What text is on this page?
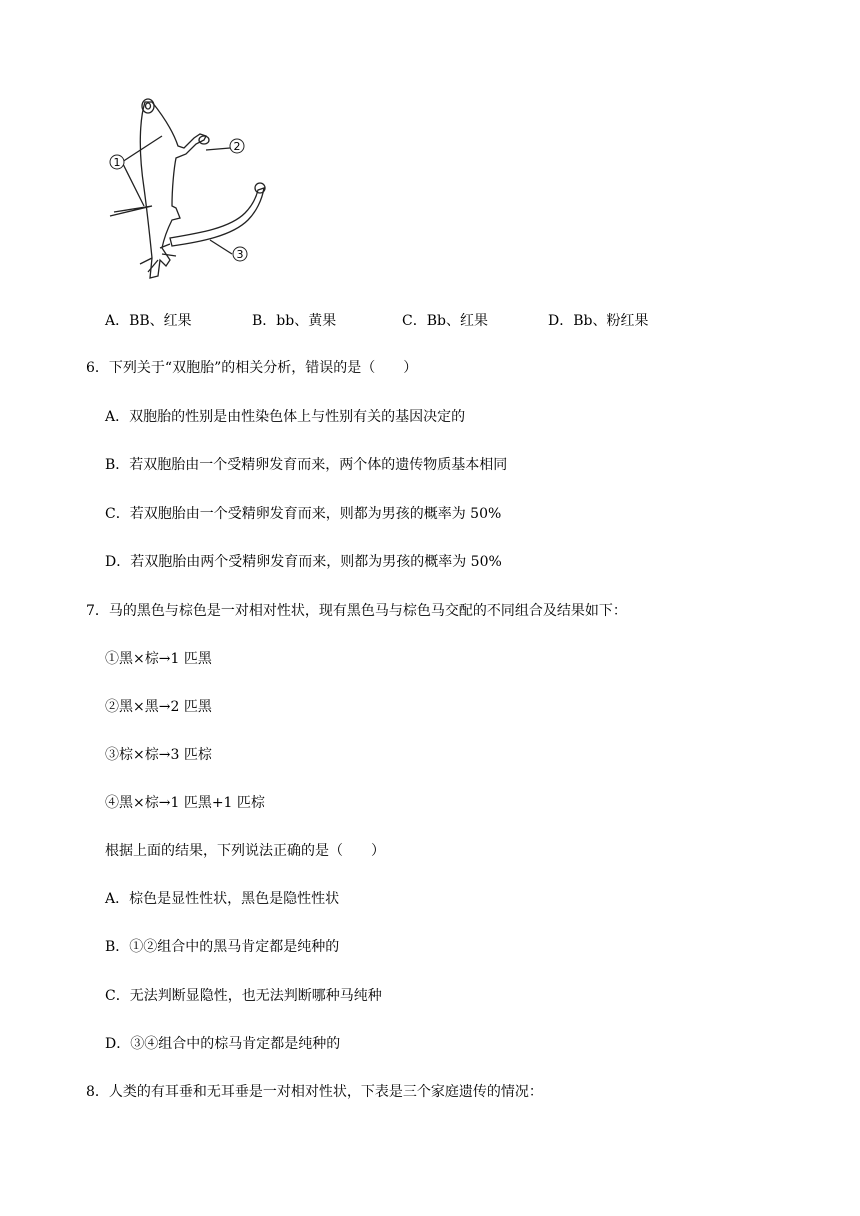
1
2
3
A．BB、红果	B．bb、黄果	C．Bb、红果	D．Bb、粉红果
6．下列关于“双胞胎”的相关分析，错误的是（　　）
A．双胞胎的性别是由性染色体上与性别有关的基因决定的
B．若双胞胎由一个受精卵发育而来，两个体的遗传物质基本相同
C．若双胞胎由一个受精卵发育而来，则都为男孩的概率为 50%
D．若双胞胎由两个受精卵发育而来，则都为男孩的概率为 50%
7．马的黑色与棕色是一对相对性状，现有黑色马与棕色马交配的不同组合及结果如下：
①黑×棕→1 匹黑
②黑×黑→2 匹黑
③棕×棕→3 匹棕
④黑×棕→1 匹黑+1 匹棕
根据上面的结果，下列说法正确的是（　　）
A．棕色是显性性状，黑色是隐性性状
B．①②组合中的黑马肯定都是纯种的
C．无法判断显隐性，也无法判断哪种马纯种
D．③④组合中的棕马肯定都是纯种的
8．人类的有耳垂和无耳垂是一对相对性状，下表是三个家庭遗传的情况：
